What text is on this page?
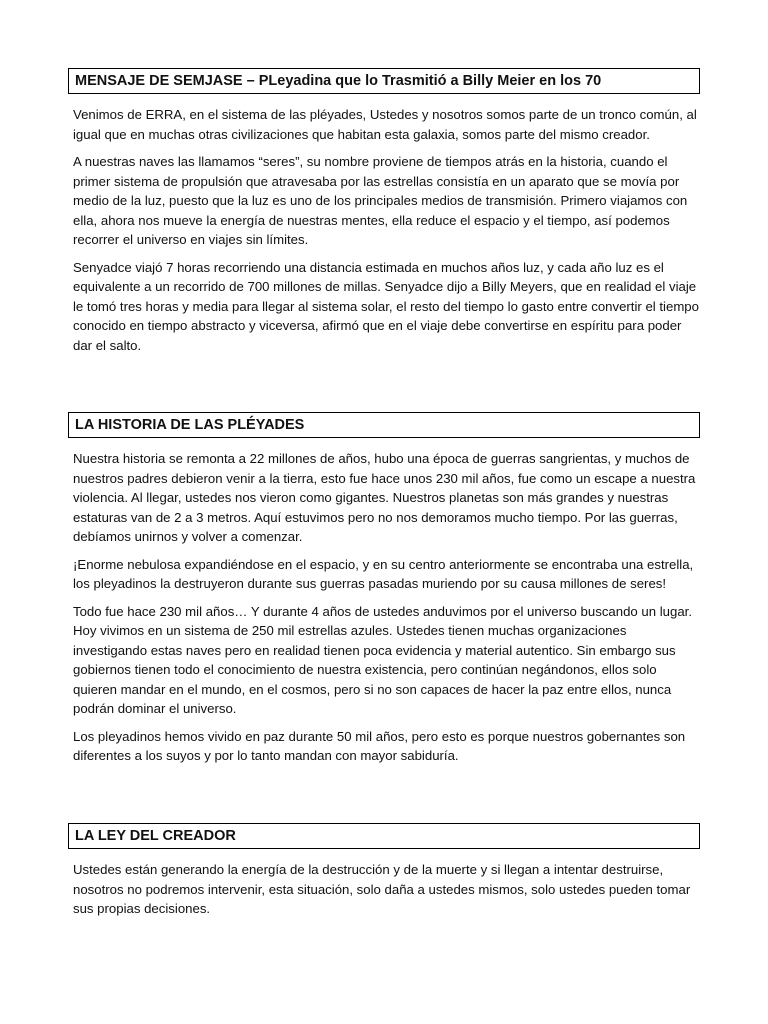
MENSAJE DE SEMJASE – PLeyadina que lo Trasmitió a Billy Meier en los 70

Venimos de ERRA, en el sistema de las pléyades, Ustedes y nosotros somos parte de un tronco común, al igual que en muchas otras civilizaciones que habitan esta galaxia, somos parte del mismo creador.

A nuestras naves las llamamos “seres”, su nombre proviene de tiempos atrás en la historia, cuando el primer sistema de propulsión que atravesaba por las estrellas consistía en un aparato que se movía por medio de la luz, puesto que la luz es uno de los principales medios de transmisión. Primero viajamos con ella, ahora nos mueve la energía de nuestras mentes, ella reduce el espacio y el tiempo, así podemos recorrer el universo en viajes sin límites.

Senyadce viajó 7 horas recorriendo una distancia estimada en muchos años luz, y cada año luz es el equivalente a un recorrido de 700 millones de millas. Senyadce dijo a Billy Meyers, que en realidad el viaje le tomó tres horas y media para llegar al sistema solar, el resto del tiempo lo gasto entre convertir el tiempo conocido en tiempo abstracto y viceversa, afirmó que en el viaje debe convertirse en espíritu para poder dar el salto.

LA HISTORIA DE LAS PLÉYADES

Nuestra historia se remonta a 22 millones de años, hubo una época de guerras sangrientas, y muchos de nuestros padres debieron venir a la tierra, esto fue hace unos 230 mil años, fue como un escape a nuestra violencia. Al llegar, ustedes nos vieron como gigantes. Nuestros planetas son más grandes y nuestras estaturas van de 2 a 3 metros. Aquí estuvimos pero no nos demoramos mucho tiempo. Por las guerras, debíamos unirnos y volver a comenzar.

¡Enorme nebulosa expandiéndose en el espacio, y en su centro anteriormente se encontraba una estrella, los pleyadinos la destruyeron durante sus guerras pasadas muriendo por su causa millones de seres!

Todo fue hace 230 mil años… Y durante 4 años de ustedes anduvimos por el universo buscando un lugar. Hoy vivimos en un sistema de 250 mil estrellas azules. Ustedes tienen muchas organizaciones investigando estas naves pero en realidad tienen poca evidencia y material autentico. Sin embargo sus gobiernos tienen todo el conocimiento de nuestra existencia, pero continúan negándonos, ellos solo quieren mandar en el mundo, en el cosmos, pero si no son capaces de hacer la paz entre ellos, nunca podrán dominar el universo.

Los pleyadinos hemos vivido en paz durante 50 mil años, pero esto es porque nuestros gobernantes son diferentes a los suyos y por lo tanto mandan con mayor sabiduría.

LA LEY DEL CREADOR

Ustedes están generando la energía de la destrucción y de la muerte y si llegan a intentar destruirse, nosotros no podremos intervenir, esta situación, solo daña a ustedes mismos, solo ustedes pueden tomar sus propias decisiones.
